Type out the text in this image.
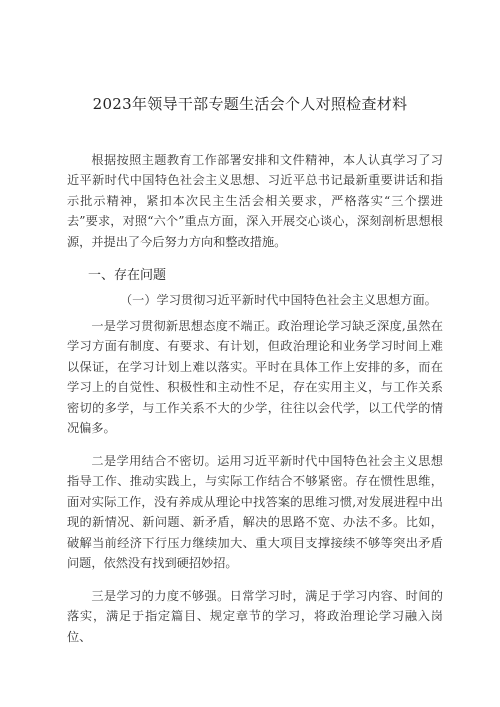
2023年领导干部专题生活会个人对照检查材料

根据按照主题教育工作部署安排和文件精神，本人认真学习了习近平新时代中国特色社会主义思想、习近平总书记最新重要讲话和指示批示精神，紧扣本次民主生活会相关要求，严格落实“三个摆进去”要求，对照“六个”重点方面，深入开展交心谈心，深刻剖析思想根源，并提出了今后努力方向和整改措施。

一、存在问题
（一）学习贯彻习近平新时代中国特色社会主义思想方面。

一是学习贯彻新思想态度不端正。政治理论学习缺乏深度,虽然在学习方面有制度、有要求、有计划，但政治理论和业务学习时间上难以保证，在学习计划上难以落实。平时在具体工作上安排的多，而在学习上的自觉性、积极性和主动性不足，存在实用主义，与工作关系密切的多学，与工作关系不大的少学，往往以会代学，以工代学的情况偏多。

二是学用结合不密切。运用习近平新时代中国特色社会主义思想指导工作、推动实践上，与实际工作结合不够紧密。存在惯性思维，面对实际工作，没有养成从理论中找答案的思维习惯,对发展进程中出现的新情况、新问题、新矛盾，解决的思路不宽、办法不多。比如，破解当前经济下行压力继续加大、重大项目支撑接续不够等突出矛盾问题，依然没有找到硬招妙招。

三是学习的力度不够强。日常学习时，满足于学习内容、时间的落实，满足于指定篇目、规定章节的学习，将政治理论学习融入岗位、
